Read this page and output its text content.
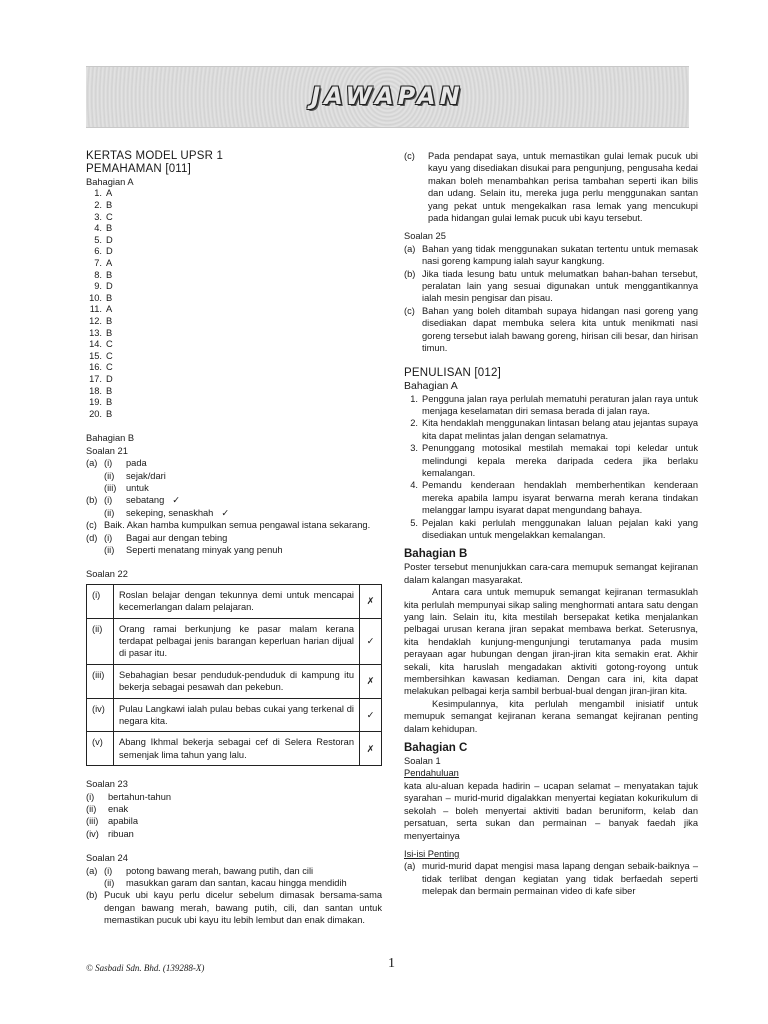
JAWAPAN
KERTAS MODEL UPSR 1
PEMAHAMAN [011]
Bahagian A
1. A
2. B
3. C
4. B
5. D
6. D
7. A
8. B
9. D
10. B
11. A
12. B
13. B
14. C
15. C
16. C
17. D
18. B
19. B
20. B
Bahagian B
Soalan 21
(a) (i)	pada
(ii)	sejak/dari
(iii)	untuk
(b) (i)	sebatang ✓
(ii)	sekeping, senaskhah ✓
(c) Baik. Akan hamba kumpulkan semua pengawal istana sekarang.
(d) (i)	Bagai aur dengan tebing
(ii)	Seperti menatang minyak yang penuh
Soalan 22
(i)	Roslan belajar dengan tekunnya demi untuk mencapai kecemerlangan dalam pelajaran.	✗
(ii)	Orang ramai berkunjung ke pasar malam kerana terdapat pelbagai jenis barangan keperluan harian dijual di pasar itu.	✓
(iii)	Sebahagian besar penduduk-penduduk di kampung itu bekerja sebagai pesawah dan pekebun.	✗
(iv)	Pulau Langkawi ialah pulau bebas cukai yang terkenal di negara kita.	✓
(v)	Abang Ikhmal bekerja sebagai cef di Selera Restoran semenjak lima tahun yang lalu.	✗
Soalan 23
(i)	bertahun-tahun
(ii)	enak
(iii)	apabila
(iv) ribuan
Soalan 24
(a) (i)	potong bawang merah, bawang putih, dan cili
(ii)	masukkan garam dan santan, kacau hingga mendidih
(b) Pucuk ubi kayu perlu dicelur sebelum dimasak bersama-sama dengan bawang merah, bawang putih, cili, dan santan untuk memastikan pucuk ubi kayu itu lebih lembut dan enak dimakan.
(c)	Pada pendapat saya, untuk memastikan gulai lemak pucuk ubi kayu yang disediakan disukai para pengunjung, pengusaha kedai makan boleh menambahkan perisa tambahan seperti ikan bilis dan udang. Selain itu, mereka juga perlu menggunakan santan yang pekat untuk mengekalkan rasa lemak yang mencukupi pada hidangan gulai lemak pucuk ubi kayu tersebut.
Soalan 25
(a) Bahan yang tidak menggunakan sukatan tertentu untuk memasak nasi goreng kampung ialah sayur kangkung.
(b) Jika tiada lesung batu untuk melumatkan bahan-bahan tersebut, peralatan lain yang sesuai digunakan untuk menggantikannya ialah mesin pengisar dan pisau.
(c) Bahan yang boleh ditambah supaya hidangan nasi goreng yang disediakan dapat membuka selera kita untuk menikmati nasi goreng tersebut ialah bawang goreng, hirisan cili besar, dan hirisan timun.
PENULISAN [012]
Bahagian A
1. Pengguna jalan raya perlulah mematuhi peraturan jalan raya untuk menjaga keselamatan diri semasa berada di jalan raya.
2. Kita hendaklah menggunakan lintasan belang atau jejantas supaya kita dapat melintas jalan dengan selamatnya.
3. Penunggang motosikal mestilah memakai topi keledar untuk melindungi kepala mereka daripada cedera jika berlaku kemalangan.
4. Pemandu kenderaan hendaklah memberhentikan kenderaan mereka apabila lampu isyarat berwarna merah kerana tindakan melanggar lampu isyarat dapat mengundang bahaya.
5. Pejalan kaki perlulah menggunakan laluan pejalan kaki yang disediakan untuk mengelakkan kemalangan.
Bahagian B
Poster tersebut menunjukkan cara-cara memupuk semangat kejiranan dalam kalangan masyarakat.
Antara cara untuk memupuk semangat kejiranan termasuklah kita perlulah mempunyai sikap saling menghormati antara satu dengan yang lain. Selain itu, kita mestilah bersepakat ketika menjalankan pelbagai urusan kerana jiran sepakat membawa berkat. Seterusnya, kita hendaklah kunjung-mengunjungi terutamanya pada musim perayaan agar hubungan dengan jiran-jiran kita semakin erat. Akhir sekali, kita haruslah mengadakan aktiviti gotong-royong untuk membersihkan kawasan kediaman. Dengan cara ini, kita dapat melakukan pelbagai kerja sambil berbual-bual dengan jiran-jiran kita.
Kesimpulannya, kita perlulah mengambil inisiatif untuk memupuk semangat kejiranan kerana semangat kejiranan penting dalam kehidupan.
Bahagian C
Soalan 1
Pendahuluan
kata alu-aluan kepada hadirin – ucapan selamat – menyatakan tajuk syarahan – murid-murid digalakkan menyertai kegiatan kokurikulum di sekolah – boleh menyertai aktiviti badan beruniform, kelab dan persatuan, serta sukan dan permainan – banyak faedah jika menyertainya
Isi-isi Penting
(a) murid-murid dapat mengisi masa lapang dengan sebaik-baiknya – tidak terlibat dengan kegiatan yang tidak berfaedah seperti melepak dan bermain permainan video di kafe siber
© Sasbadi Sdn. Bhd. (139288-X)	1
